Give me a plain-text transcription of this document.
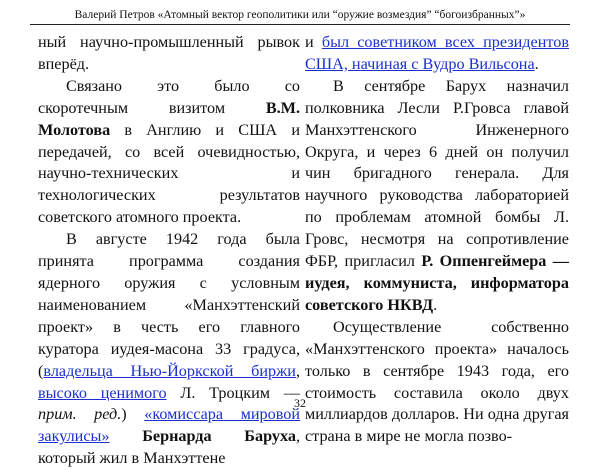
Валерий Петров «Атомный вектор геополитики или “оружие возмездия” “богоизбранных”»

ный научно-промышленный рывок вперёд.

Связано это было со скоротечным визитом В.М. Молотова в Англию и США и передачей, со всей очевидностью, научно-технических и технологических результатов советского атомного проекта.

В августе 1942 года была принята программа создания ядерного оружия с условным наименованием «Манхэттенский проект» в честь его главного куратора иудея-масона 33 градуса, (владельца Нью-Йоркской биржи, высоко ценимого Л. Троцким — прим. ред.) «комиссара мировой закулисы» Бернарда Баруха, который жил в Манхэттене

и был советником всех президентов США, начиная с Вудро Вильсона.

В сентябре Барух назначил полковника Лесли Р.Гровса главой Манхэттенского Инженерного Округа, и через 6 дней он получил чин бригадного генерала. Для научного руководства лабораторией по проблемам атомной бомбы Л. Гровс, несмотря на сопротивление ФБР, пригласил Р. Оппенгеймера — иудея, коммуниста, информатора советского НКВД.

Осуществление собственно «Манхэттенского проекта» началось только в сентябре 1943 года, его стоимость составила около двух миллиардов долларов. Ни одна другая страна в мире не могла позво-

32
